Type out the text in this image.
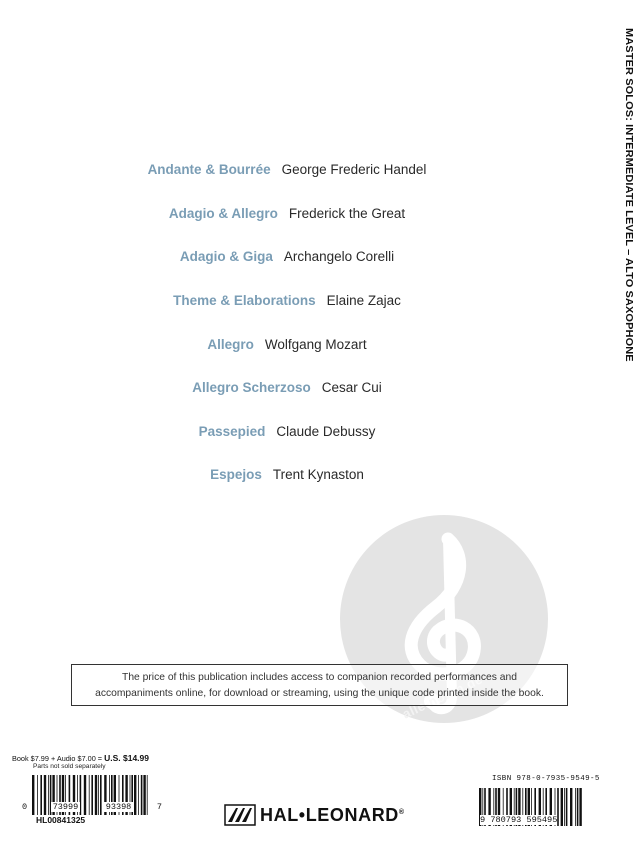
MASTER SOLOS: INTERMEDIATE LEVEL – ALTO SAXOPHONE
Andante & Bourrée George Frederic Handel
Adagio & Allegro Frederick the Great
Adagio & Giga Archangelo Corelli
Theme & Elaborations Elaine Zajac
Allegro Wolfgang Mozart
Allegro Scherzoso Cesar Cui
Passepied Claude Debussy
Espejos Trent Kynaston
The price of this publication includes access to companion recorded performances and
accompaniments online, for download or streaming, using the unique code printed inside the book.
Book $7.99 + Audio $7.00 = U.S. $14.99
Parts not sold separately
0	73999	93398	7
HL00841325	HAL•LEONARD®
ISBN 978-0-7935-9549-5
9 780793 595495
